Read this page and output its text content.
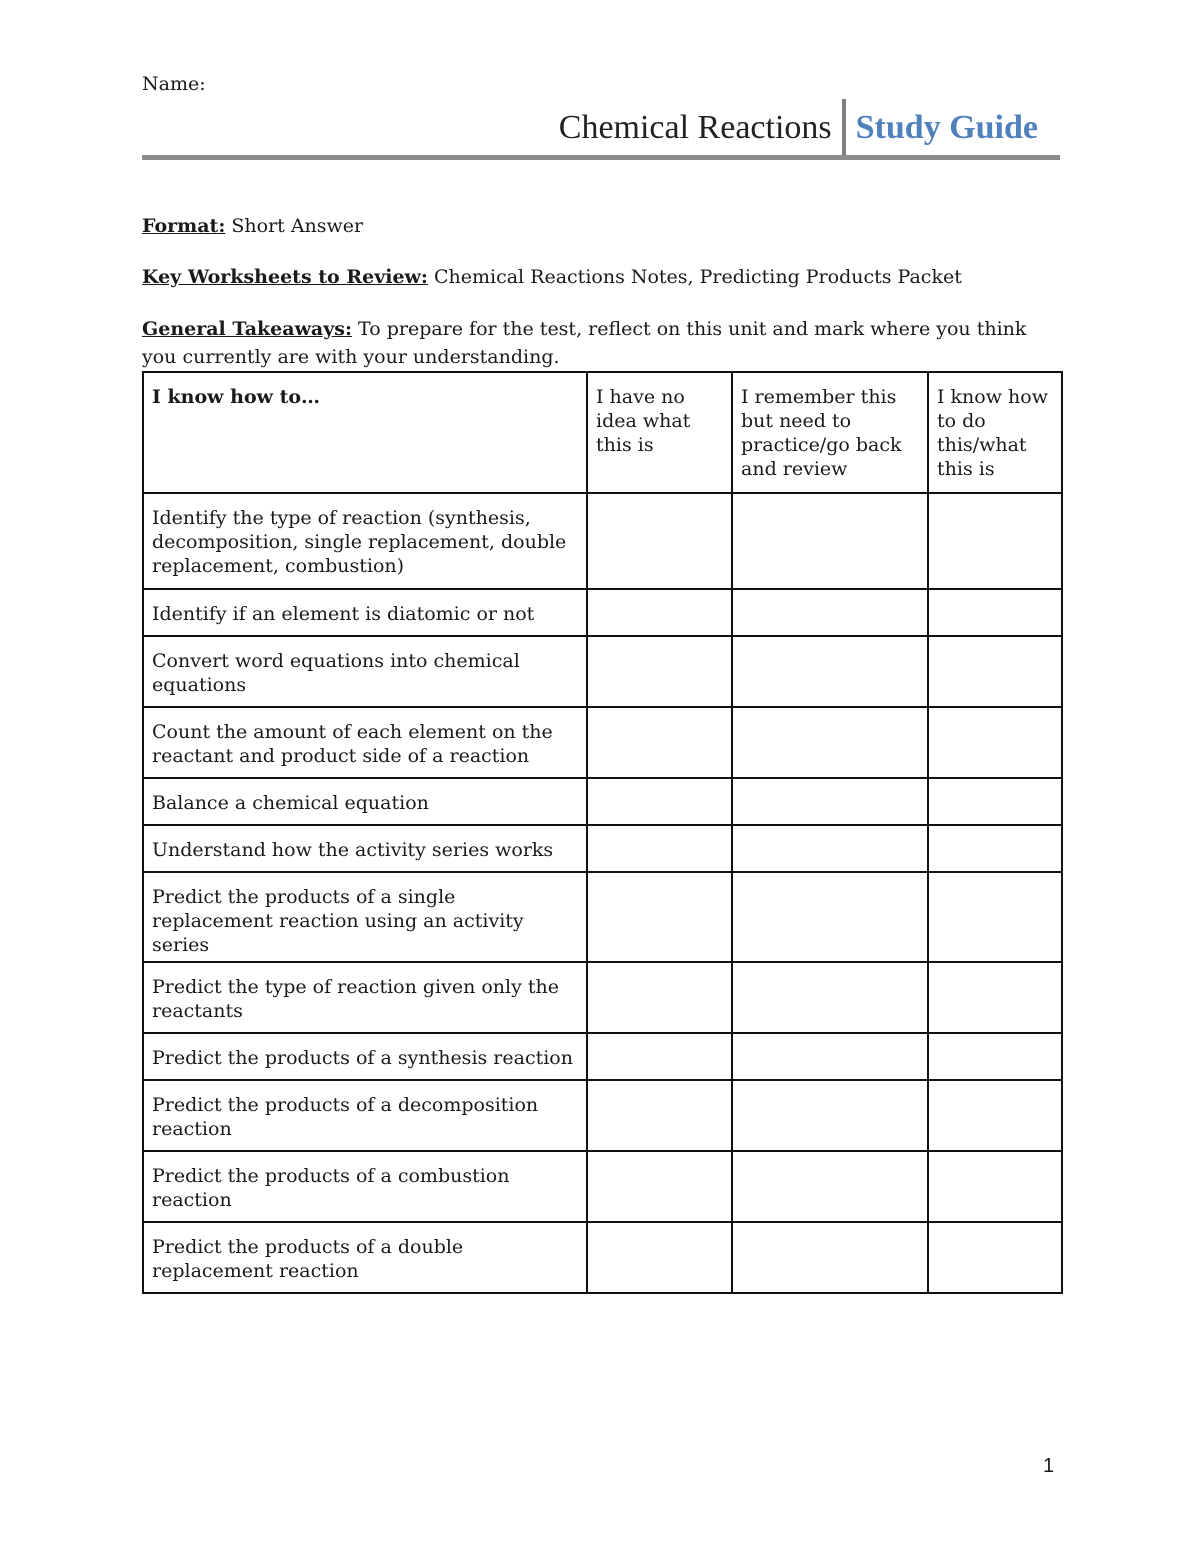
Name:
Chemical Reactions Study Guide
Format: Short Answer
Key Worksheets to Review: Chemical Reactions Notes, Predicting Products Packet
General Takeaways: To prepare for the test, reflect on this unit and mark where you think
you currently are with your understanding.
I know how to…	I have no idea what this is	I remember this but need to practice/go back and review	I know how to do this/what this is
Identify the type of reaction (synthesis, decomposition, single replacement, double replacement, combustion)			
Identify if an element is diatomic or not			
Convert word equations into chemical equations			
Count the amount of each element on the reactant and product side of a reaction			
Balance a chemical equation			
Understand how the activity series works			
Predict the products of a single replacement reaction using an activity series			
Predict the type of reaction given only the reactants			
Predict the products of a synthesis reaction			
Predict the products of a decomposition reaction			
Predict the products of a combustion reaction			
Predict the products of a double replacement reaction			
1
